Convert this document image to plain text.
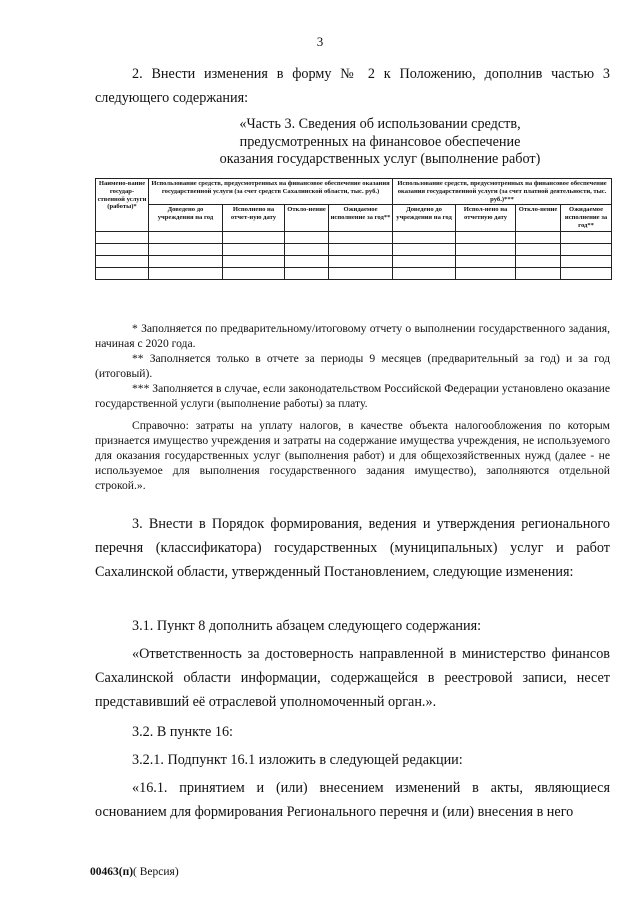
3

2. Внести изменения в форму № 2 к Положению, дополнив частью 3 следующего содержания:

«Часть 3. Сведения об использовании средств,
предусмотренных на финансовое обеспечение
оказания государственных услуг (выполнение работ)
Наимено-вание государ-ственной услуги (работы)*	Использование средств, предусмотренных на финансовое обеспечение оказания государственной услуги (за счет средств Сахалинской области, тыс. руб.)				Использование средств, предусмотренных на финансовое обеспечение оказания государственной услуги (за счет платной деятельности, тыс. руб.)***			
	Доведено до учреждения на год	Исполнено на отчет-ную дату	Откло-нение	Ожидаемое исполнение за год**	Доведено до учреждения на год	Испол-нено на отчетную дату	Откло-нение	Ожидаемое исполнение за год**

* Заполняется по предварительному/итоговому отчету о выполнении государственного задания, начиная с 2020 года.

** Заполняется только в отчете за периоды 9 месяцев (предварительный за год) и за год (итоговый).

*** Заполняется в случае, если законодательством Российской Федерации установлено оказание государственной услуги (выполнение работы) за плату.

Справочно: затраты на уплату налогов, в качестве объекта налогообложения по которым признается имущество учреждения и затраты на содержание имущества учреждения, не используемого для оказания государственных услуг (выполнения работ) и для общехозяйственных нужд (далее - не используемое для выполнения государственного задания имущество), заполняются отдельной строкой.».

3. Внести в Порядок формирования, ведения и утверждения регионального перечня (классификатора) государственных (муниципальных) услуг и работ Сахалинской области, утвержденный Постановлением, следующие изменения:

3.1. Пункт 8 дополнить абзацем следующего содержания:

«Ответственность за достоверность направленной в министерство финансов Сахалинской области информации, содержащейся в реестровой записи, несет представивший её отраслевой уполномоченный орган.».

3.2. В пункте 16:

3.2.1. Подпункт 16.1 изложить в следующей редакции:

«16.1. принятием и (или) внесением изменений в акты, являющиеся основанием для формирования Регионального перечня и (или) внесения в него

00463(п)( Версия)
